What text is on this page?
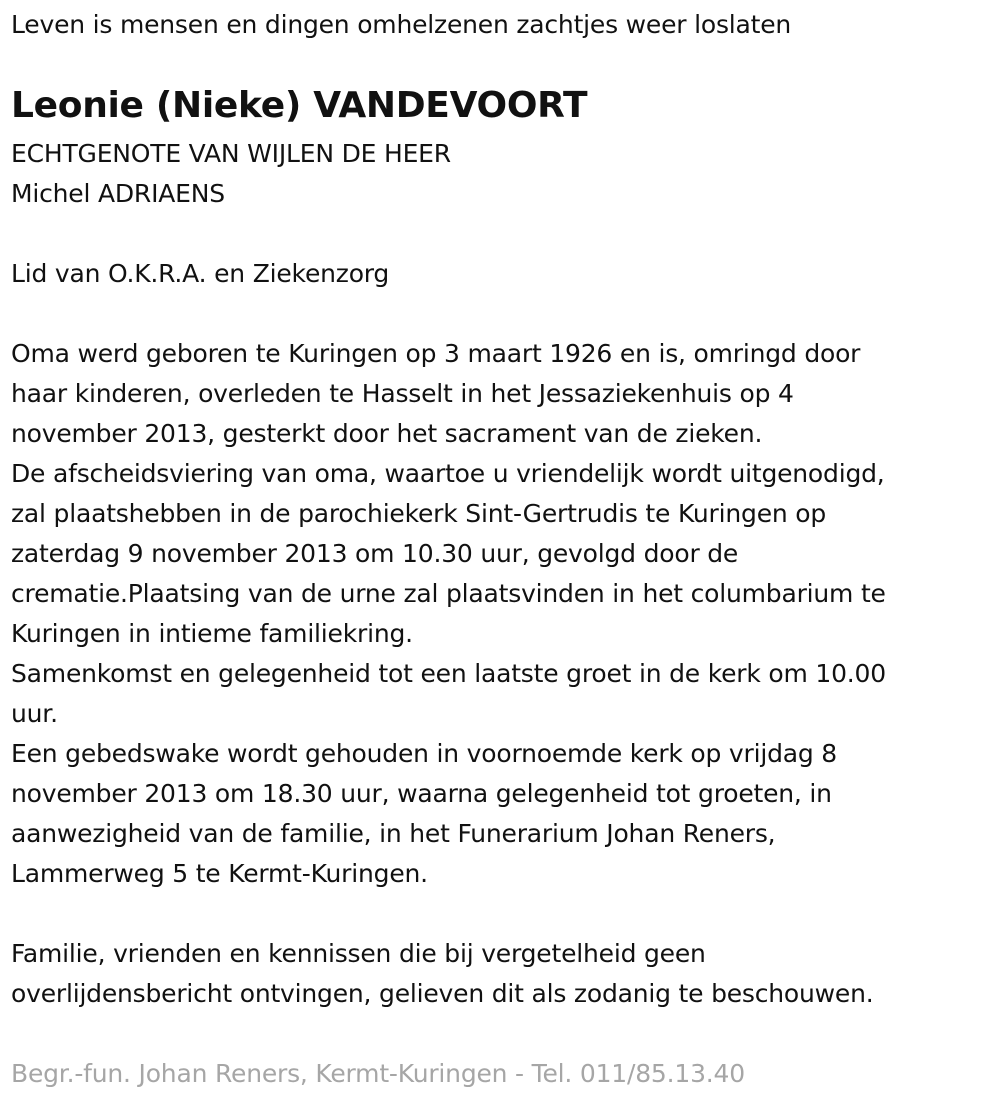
Leven is mensen en dingen omhelzenen zachtjes weer loslaten
Leonie (Nieke) VANDEVOORT
ECHTGENOTE VAN WIJLEN DE HEER
Michel ADRIAENS
Lid van O.K.R.A. en Ziekenzorg
Oma werd geboren te Kuringen op 3 maart 1926 en is, omringd door
haar kinderen, overleden te Hasselt in het Jessaziekenhuis op 4
november 2013, gesterkt door het sacrament van de zieken.
De afscheidsviering van oma, waartoe u vriendelijk wordt uitgenodigd,
zal plaatshebben in de parochiekerk Sint-Gertrudis te Kuringen op
zaterdag 9 november 2013 om 10.30 uur, gevolgd door de
crematie.Plaatsing van de urne zal plaatsvinden in het columbarium te
Kuringen in intieme familiekring.
Samenkomst en gelegenheid tot een laatste groet in de kerk om 10.00
uur.
Een gebedswake wordt gehouden in voornoemde kerk op vrijdag 8
november 2013 om 18.30 uur, waarna gelegenheid tot groeten, in
aanwezigheid van de familie, in het Funerarium Johan Reners,
Lammerweg 5 te Kermt-Kuringen.
Familie, vrienden en kennissen die bij vergetelheid geen
overlijdensbericht ontvingen, gelieven dit als zodanig te beschouwen.
Begr.-fun. Johan Reners, Kermt-Kuringen - Tel. 011/85.13.40
